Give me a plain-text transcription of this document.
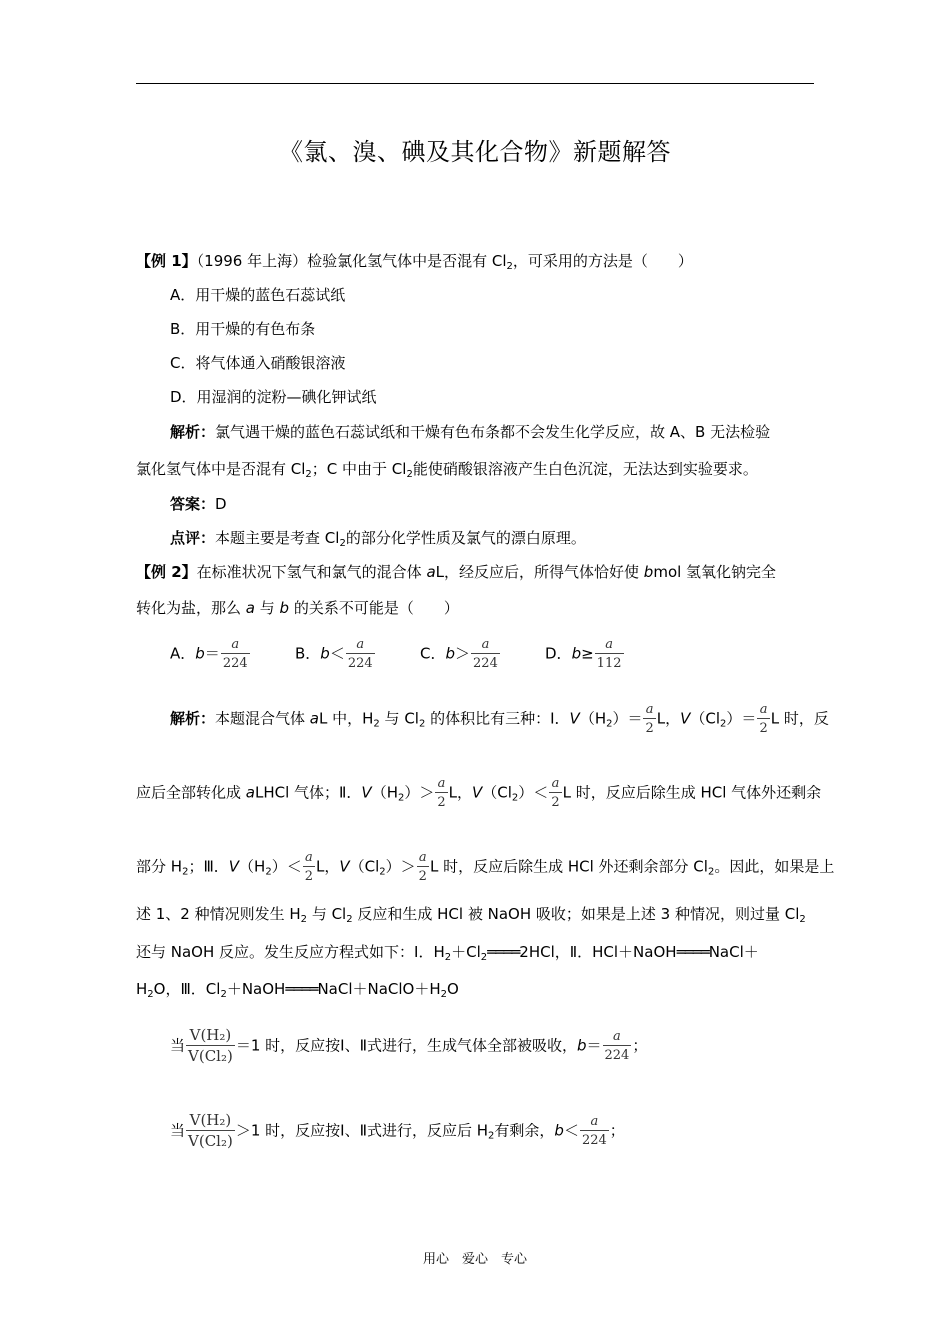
《氯、溴、碘及其化合物》新题解答
【例 1】（1996 年上海）检验氯化氢气体中是否混有 $Cl_2$，可采用的方法是（　　）
A．用干燥的蓝色石蕊试纸
B．用干燥的有色布条
C．将气体通入硝酸银溶液
D．用湿润的淀粉—碘化钾试纸
解析：氯气遇干燥的蓝色石蕊试纸和干燥有色布条都不会发生化学反应，故 A、B 无法检验
氯化氢气体中是否混有 $Cl_2$；C 中由于 $Cl_2$能使硝酸银溶液产生白色沉淀，无法达到实验要求。
答案：D
点评：本题主要是考查 $Cl_2$的部分化学性质及氯气的漂白原理。
【例 2】在标准状况下氢气和氯气的混合体 aL，经反应后，所得气体恰好使 bmol 氢氧化钠完全
转化为盐，那么 a 与 b 的关系不可能是（　　）
A．$b= \frac{a}{224}$	B．$b< \frac{a}{224}$	C．$b> \frac{a}{224}$	D．$b\ge \frac{a}{112}$
解析：本题混合气体 aL 中，$H_2$ 与 $Cl_2$ 的体积比有三种：Ⅰ．$V(H_2)= \frac{a}{2}$ L，$V(Cl_2)= \frac{a}{2}$ L 时，反
应后全部转化成 aLHCl 气体；Ⅱ．$V(H_2)> \frac{a}{2}$ L，$V(Cl_2)< \frac{a}{2}$ L 时，反应后除生成 HCl 气体外还剩余
部分 $H_2$；Ⅲ．$V(H_2)< \frac{a}{2}$ L，$V(Cl_2)> \frac{a}{2}$ L 时，反应后除生成 HCl 外还剩余部分 $Cl_2$。因此，如果是上
述 1、2 种情况则发生 $H_2$ 与 $Cl_2$ 反应和生成 HCl 被 NaOH 吸收；如果是上述 3 种情况，则过量 $Cl_2$
还与 NaOH 反应。发生反应方程式如下：Ⅰ．$H_2+Cl_2════2HCl$，Ⅱ．HCl＋NaOH════NaCl＋
$H_2O$，Ⅲ．$Cl_2+NaOH════NaCl+NaClO+H_2O$
当 $\frac{\text{V(H₂)}}{\text{V(Cl₂)}} =1$ 时，反应按Ⅰ、Ⅱ式进行，生成气体全部被吸收，$b= \frac{a}{224}$ ；
当 $\frac{\text{V(H₂)}}{\text{V(Cl₂)}} >1$ 时，反应按Ⅰ、Ⅱ式进行，反应后 $H_2$有剩余，$b< \frac{a}{224}$ ；
用心　爱心　专心
